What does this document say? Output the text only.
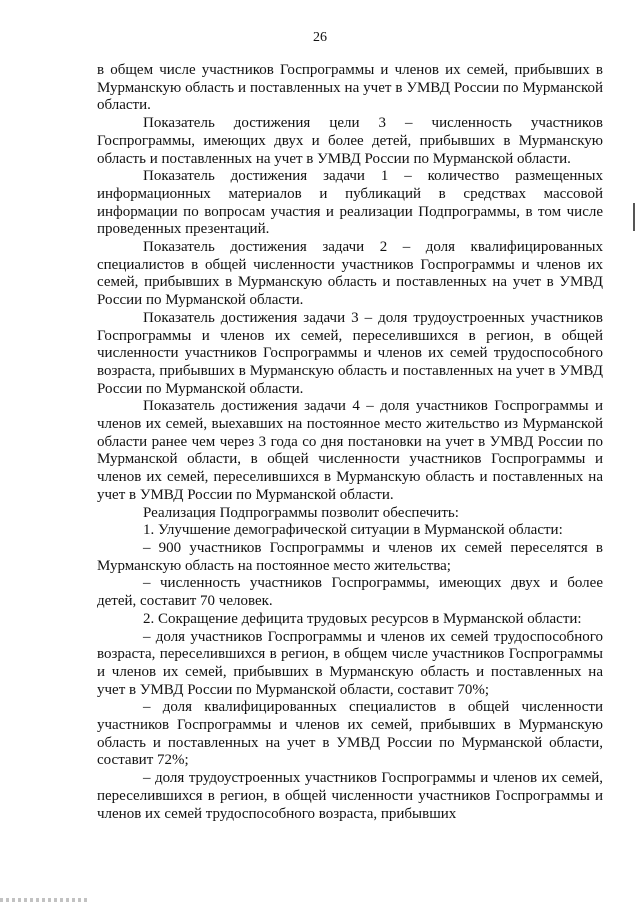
26

в общем числе участников Госпрограммы и членов их семей, прибывших в Мурманскую область и поставленных на учет в УМВД России по Мурманской области.

Показатель достижения цели 3 – численность участников Госпрограммы, имеющих двух и более детей, прибывших в Мурманскую область и поставленных на учет в УМВД России по Мурманской области.

Показатель достижения задачи 1 – количество размещенных информационных материалов и публикаций в средствах массовой информации по вопросам участия и реализации Подпрограммы, в том числе проведенных презентаций.

Показатель достижения задачи 2 – доля квалифицированных специалистов в общей численности участников Госпрограммы и членов их семей, прибывших в Мурманскую область и поставленных на учет в УМВД России по Мурманской области.

Показатель достижения задачи 3 – доля трудоустроенных участников Госпрограммы и членов их семей, переселившихся в регион, в общей численности участников Госпрограммы и членов их семей трудоспособного возраста, прибывших в Мурманскую область и поставленных на учет в УМВД России по Мурманской области.

Показатель достижения задачи 4 – доля участников Госпрограммы и членов их семей, выехавших на постоянное место жительство из Мурманской области ранее чем через 3 года со дня постановки на учет в УМВД России по Мурманской области, в общей численности участников Госпрограммы и членов их семей, переселившихся в Мурманскую область и поставленных на учет в УМВД России по Мурманской области.

Реализация Подпрограммы позволит обеспечить:

1. Улучшение демографической ситуации в Мурманской области:

– 900 участников Госпрограммы и членов их семей переселятся в Мурманскую область на постоянное место жительства;

– численность участников Госпрограммы, имеющих двух и более детей, составит 70 человек.

2. Сокращение дефицита трудовых ресурсов в Мурманской области:

– доля участников Госпрограммы и членов их семей трудоспособного возраста, переселившихся в регион, в общем числе участников Госпрограммы и членов их семей, прибывших в Мурманскую область и поставленных на учет в УМВД России по Мурманской области, составит 70%;

– доля квалифицированных специалистов в общей численности участников Госпрограммы и членов их семей, прибывших в Мурманскую область и поставленных на учет в УМВД России по Мурманской области, составит 72%;

– доля трудоустроенных участников Госпрограммы и членов их семей, переселившихся в регион, в общей численности участников Госпрограммы и членов их семей трудоспособного возраста, прибывших
